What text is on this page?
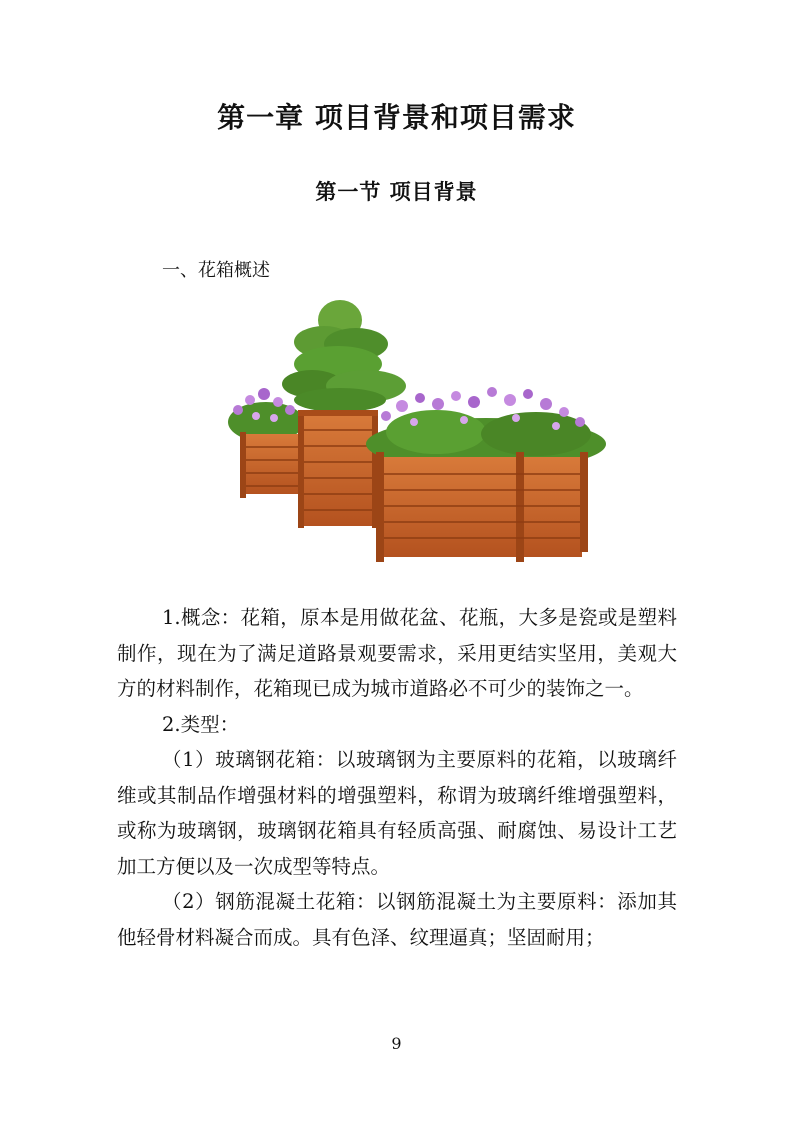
第一章 项目背景和项目需求
第一节 项目背景
一、花箱概述

1.概念：花箱，原本是用做花盆、花瓶，大多是瓷或是塑料制作，现在为了满足道路景观要需求，采用更结实坚用，美观大方的材料制作，花箱现已成为城市道路必不可少的装饰之一。

2.类型：

（1）玻璃钢花箱：以玻璃钢为主要原料的花箱，以玻璃纤维或其制品作增强材料的增强塑料，称谓为玻璃纤维增强塑料，或称为玻璃钢，玻璃钢花箱具有轻质高强、耐腐蚀、易设计工艺加工方便以及一次成型等特点。

（2）钢筋混凝土花箱：以钢筋混凝土为主要原料：添加其他轻骨材料凝合而成。具有色泽、纹理逼真；坚固耐用；

9
